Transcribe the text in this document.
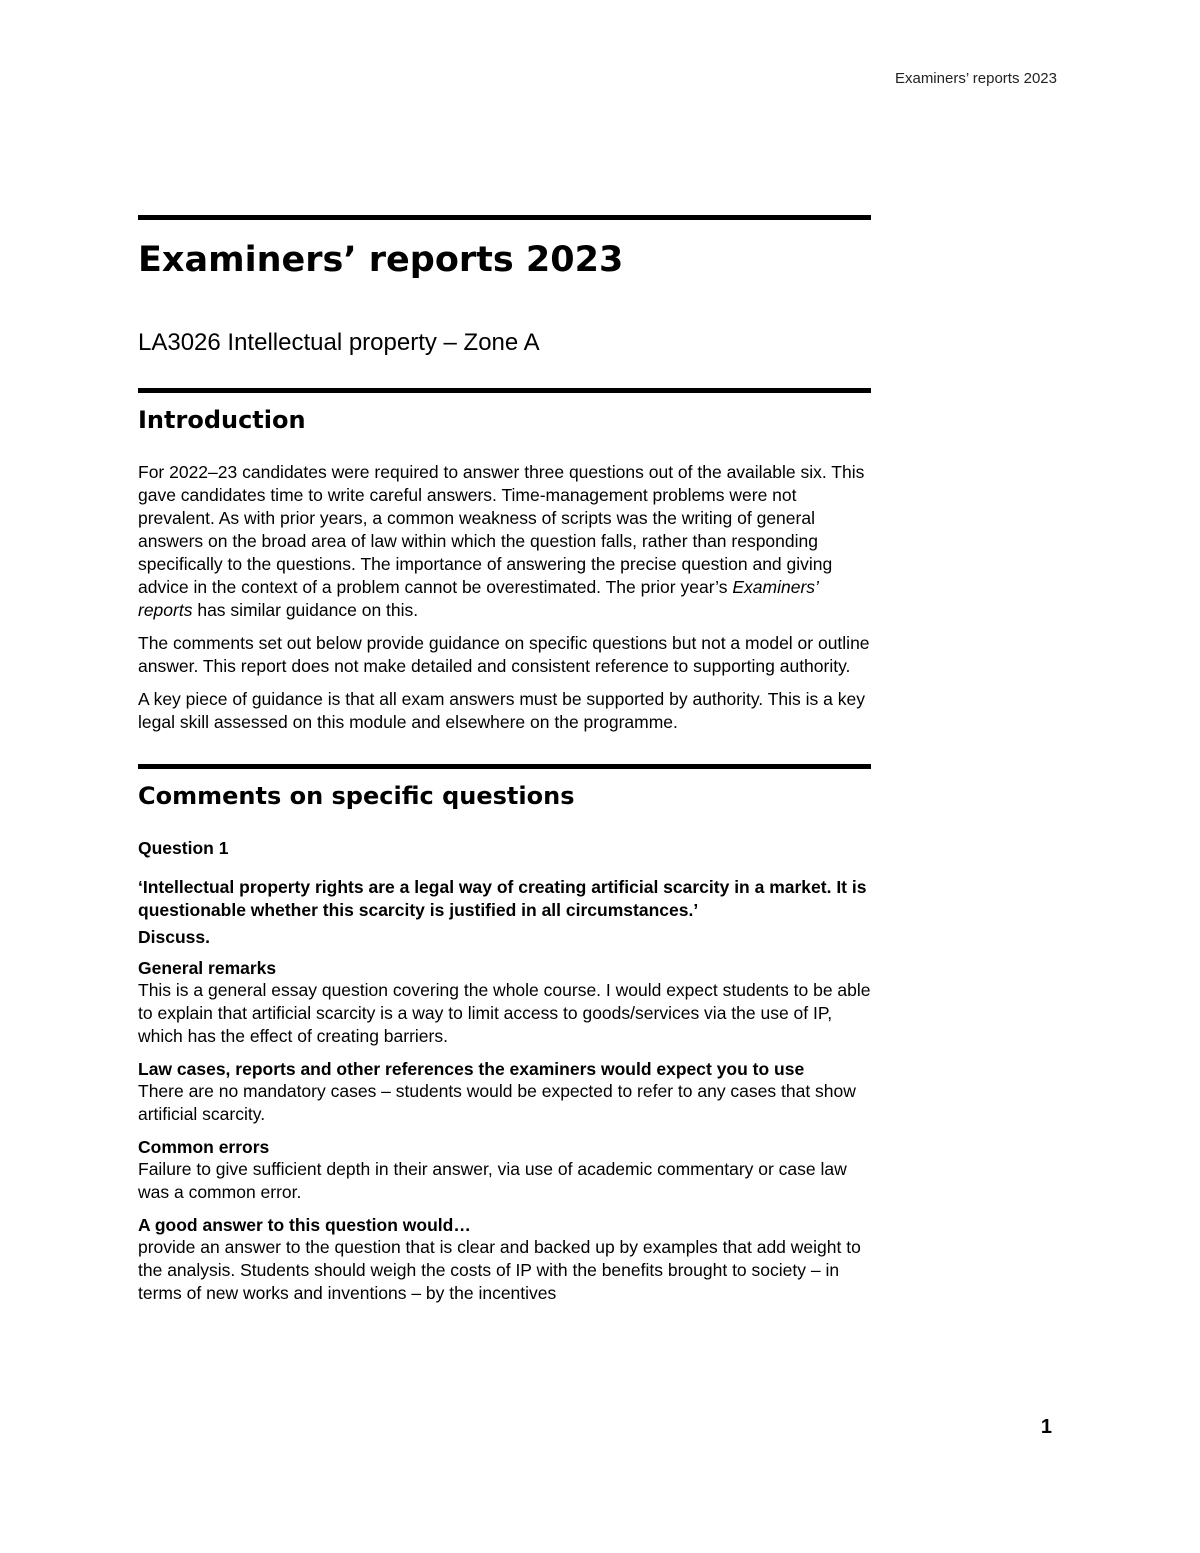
Examiners’ reports 2023
Examiners’ reports 2023
LA3026 Intellectual property – Zone A
Introduction

For 2022–23 candidates were required to answer three questions out of the available six. This gave candidates time to write careful answers. Time-management problems were not prevalent. As with prior years, a common weakness of scripts was the writing of general answers on the broad area of law within which the question falls, rather than responding specifically to the questions. The importance of answering the precise question and giving advice in the context of a problem cannot be overestimated. The prior year’s Examiners’ reports has similar guidance on this.

The comments set out below provide guidance on specific questions but not a model or outline answer. This report does not make detailed and consistent reference to supporting authority.

A key piece of guidance is that all exam answers must be supported by authority. This is a key legal skill assessed on this module and elsewhere on the programme.

Comments on specific questions
Question 1
‘Intellectual property rights are a legal way of creating artificial scarcity in a market. It is questionable whether this scarcity is justified in all circumstances.’
Discuss.
General remarks

This is a general essay question covering the whole course. I would expect students to be able to explain that artificial scarcity is a way to limit access to goods/services via the use of IP, which has the effect of creating barriers.

Law cases, reports and other references the examiners would expect you to use

There are no mandatory cases – students would be expected to refer to any cases that show artificial scarcity.

Common errors

Failure to give sufficient depth in their answer, via use of academic commentary or case law was a common error.

A good answer to this question would…

provide an answer to the question that is clear and backed up by examples that add weight to the analysis. Students should weigh the costs of IP with the benefits brought to society – in terms of new works and inventions – by the incentives

1
